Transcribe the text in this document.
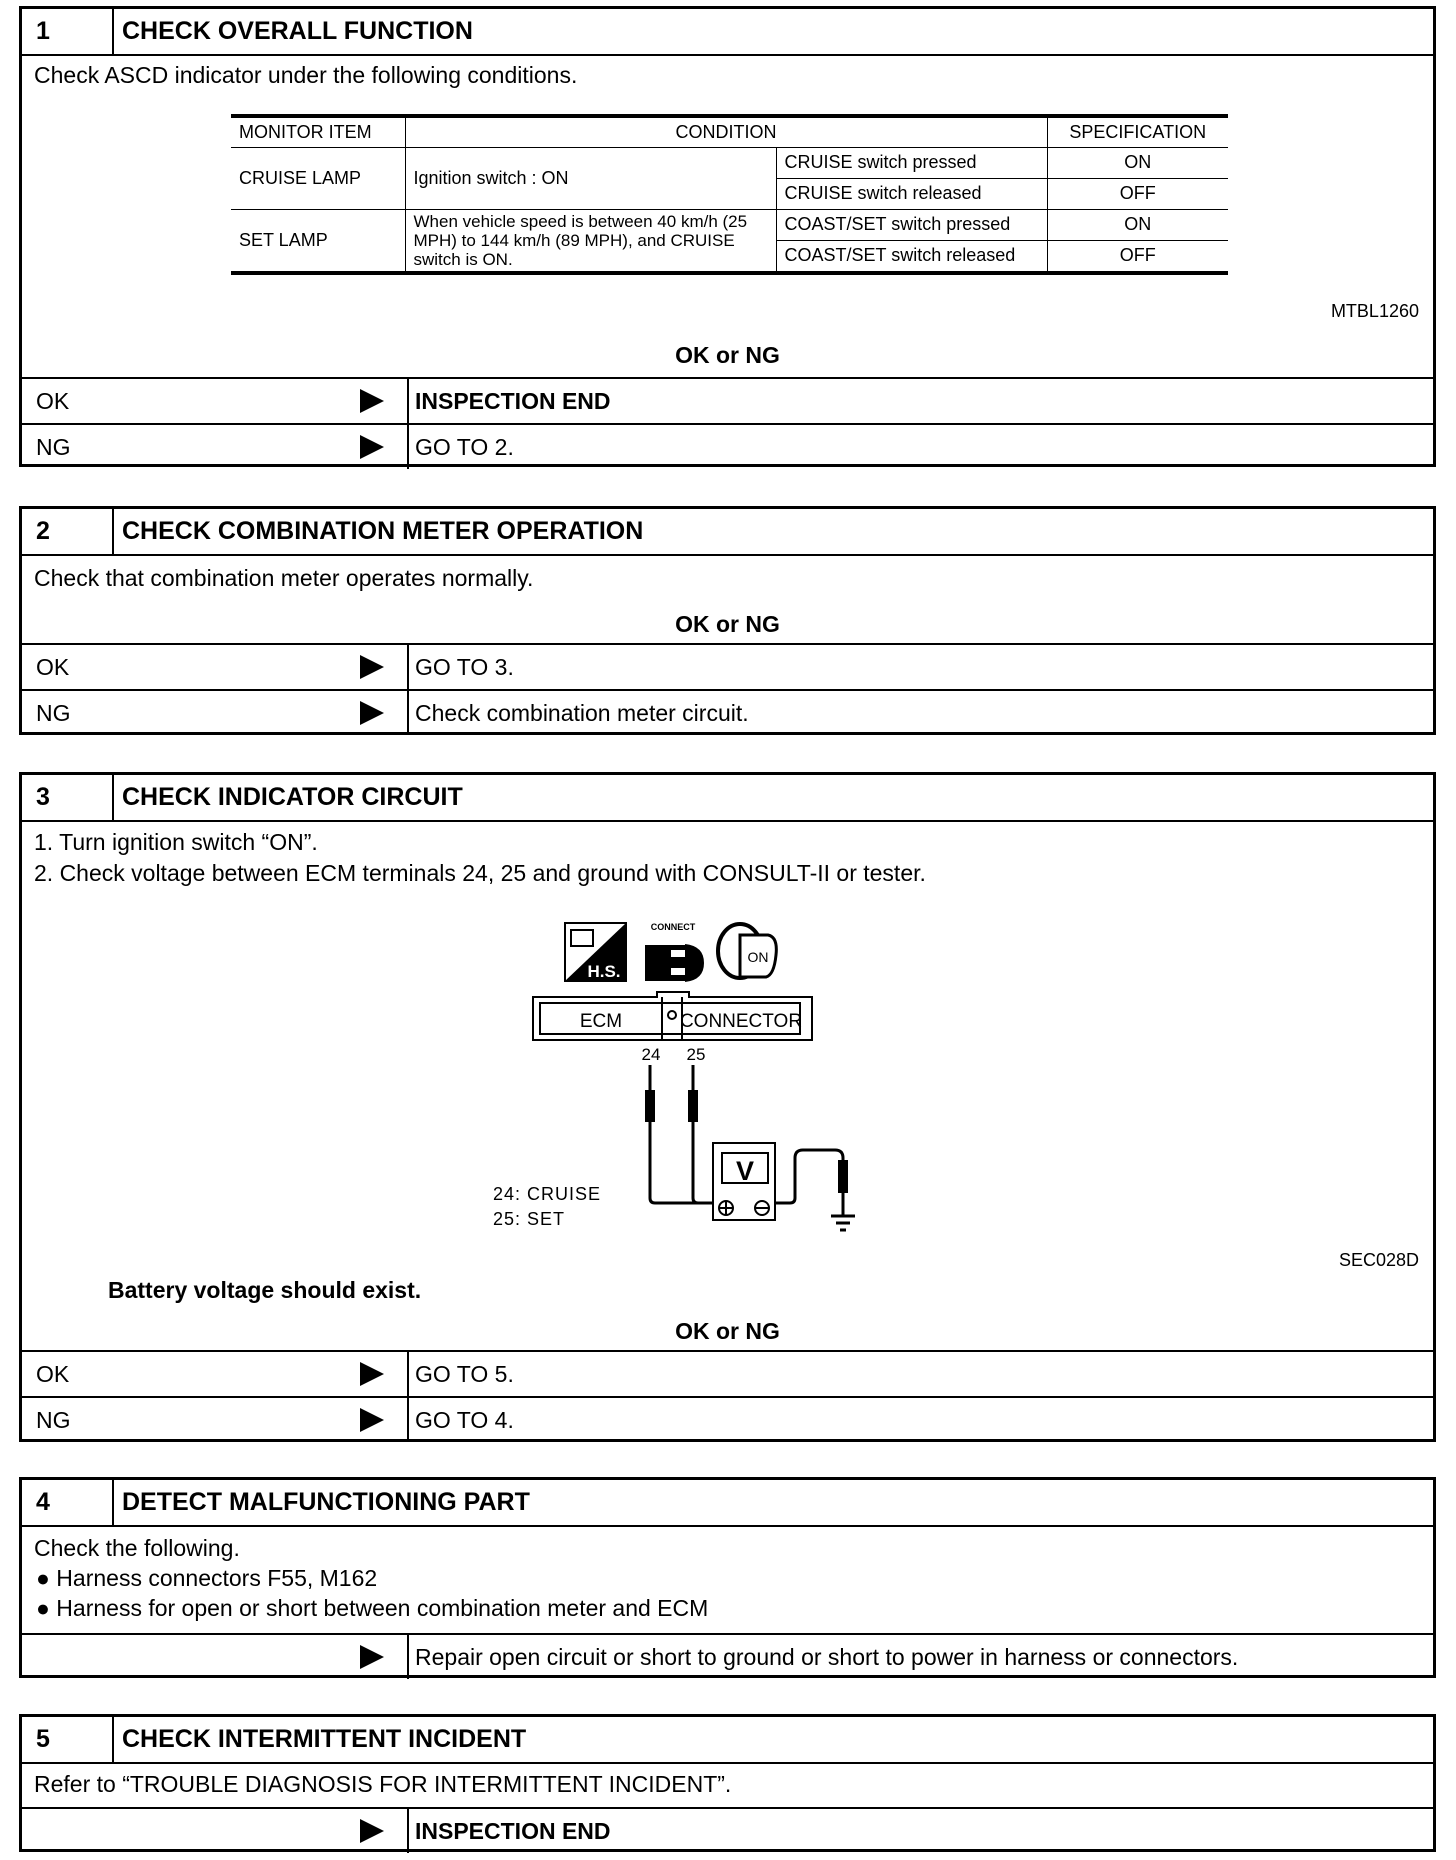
1	CHECK OVERALL FUNCTION
Check ASCD indicator under the following conditions.
MONITOR ITEM	CONDITION		SPECIFICATION
CRUISE LAMP	Ignition switch : ON	CRUISE switch pressed	ON
		CRUISE switch released	OFF
SET LAMP	When vehicle speed is between 40 km/h (25 MPH) to 144 km/h (89 MPH), and CRUISE switch is ON.	COAST/SET switch pressed	ON
		COAST/SET switch released	OFF
MTBL1260
OK or NG
OK	INSPECTION END
NG	GO TO 2.
2	CHECK COMBINATION METER OPERATION
Check that combination meter operates normally.
OK or NG
OK	GO TO 3.
NG	Check combination meter circuit.
3	CHECK INDICATOR CIRCUIT
1. Turn ignition switch “ON”.
2. Check voltage between ECM terminals 24, 25 and ground with CONSULT-II or tester.
SEC028D
Battery voltage should exist.
OK or NG
OK	GO TO 5.
NG	GO TO 4.
H.S.
CONNECT
ON
ECM	CONNECTOR
24 25
V
24: CRUISE
25: SET
4	DETECT MALFUNCTIONING PART
Check the following.
● Harness connectors F55, M162
● Harness for open or short between combination meter and ECM
Repair open circuit or short to ground or short to power in harness or connectors.
5	CHECK INTERMITTENT INCIDENT
Refer to “TROUBLE DIAGNOSIS FOR INTERMITTENT INCIDENT”.
INSPECTION END
